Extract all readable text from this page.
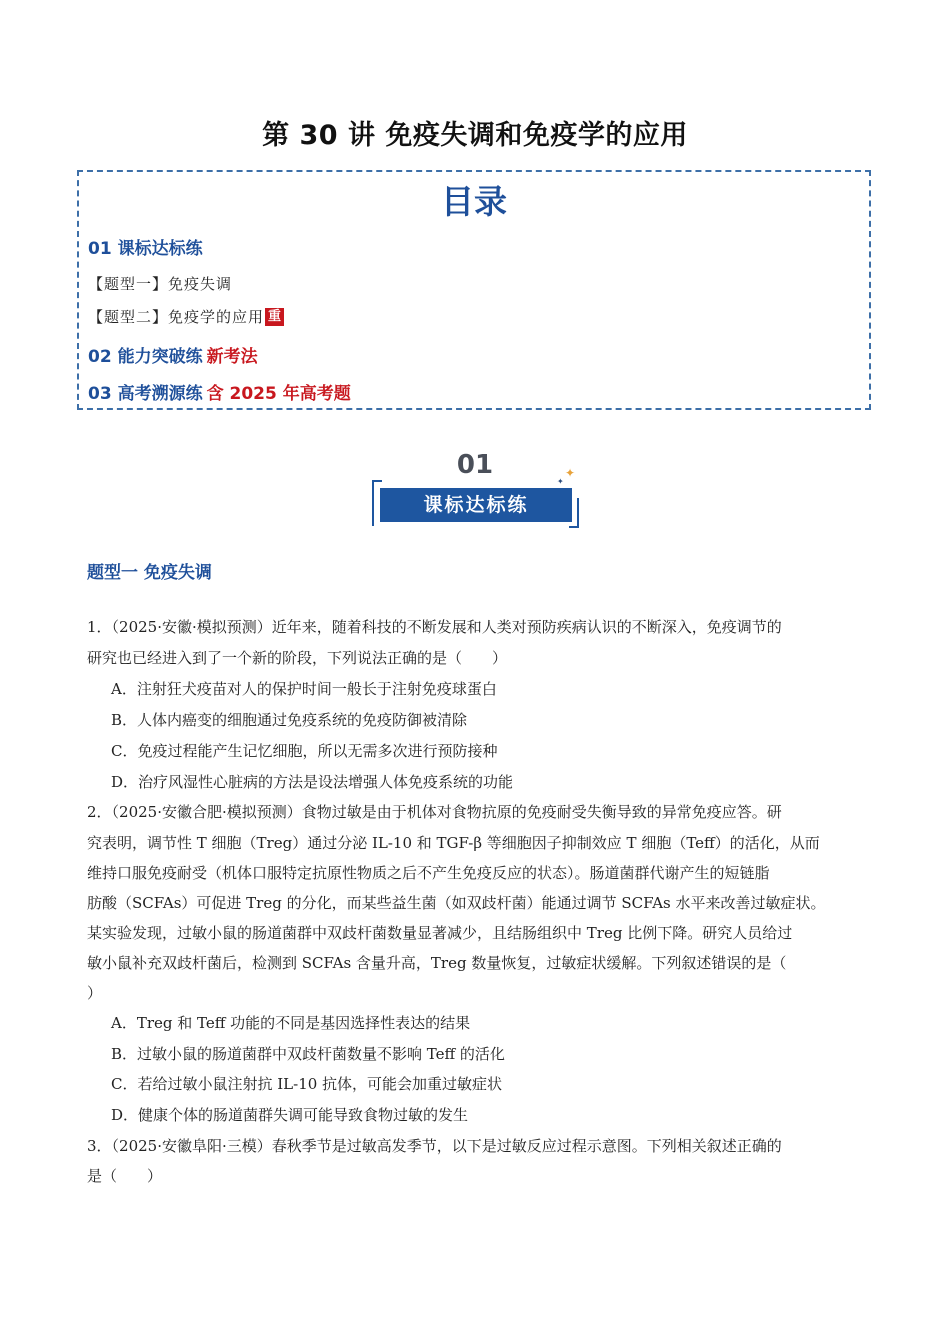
第 30 讲 免疫失调和免疫学的应用
目录
01 课标达标练
【题型一】免疫失调
【题型二】免疫学的应用 重
02 能力突破练 新考法
03 高考溯源练 含 2025 年高考题
01
课标达标练
✦
✦
题型一 免疫失调
1．（2025·安徽·模拟预测）近年来，随着科技的不断发展和人类对预防疾病认识的不断深入，免疫调节的
研究也已经进入到了一个新的阶段，下列说法正确的是（　　）
A．注射狂犬疫苗对人的保护时间一般长于注射免疫球蛋白
B．人体内癌变的细胞通过免疫系统的免疫防御被清除
C．免疫过程能产生记忆细胞，所以无需多次进行预防接种
D．治疗风湿性心脏病的方法是设法增强人体免疫系统的功能
2．（2025·安徽合肥·模拟预测）食物过敏是由于机体对食物抗原的免疫耐受失衡导致的异常免疫应答。研
究表明，调节性 T 细胞（Treg）通过分泌 IL-10 和 TGF-β 等细胞因子抑制效应 T 细胞（Teff）的活化，从而
维持口服免疫耐受（机体口服特定抗原性物质之后不产生免疫反应的状态）。肠道菌群代谢产生的短链脂
肪酸（SCFAs）可促进 Treg 的分化，而某些益生菌（如双歧杆菌）能通过调节 SCFAs 水平来改善过敏症状。
某实验发现，过敏小鼠的肠道菌群中双歧杆菌数量显著减少，且结肠组织中 Treg 比例下降。研究人员给过
敏小鼠补充双歧杆菌后，检测到 SCFAs 含量升高，Treg 数量恢复，过敏症状缓解。下列叙述错误的是（
）
A．Treg 和 Teff 功能的不同是基因选择性表达的结果
B．过敏小鼠的肠道菌群中双歧杆菌数量不影响 Teff 的活化
C．若给过敏小鼠注射抗 IL-10 抗体，可能会加重过敏症状
D．健康个体的肠道菌群失调可能导致食物过敏的发生
3．（2025·安徽阜阳·三模）春秋季节是过敏高发季节，以下是过敏反应过程示意图。下列相关叙述正确的
是（　　）
